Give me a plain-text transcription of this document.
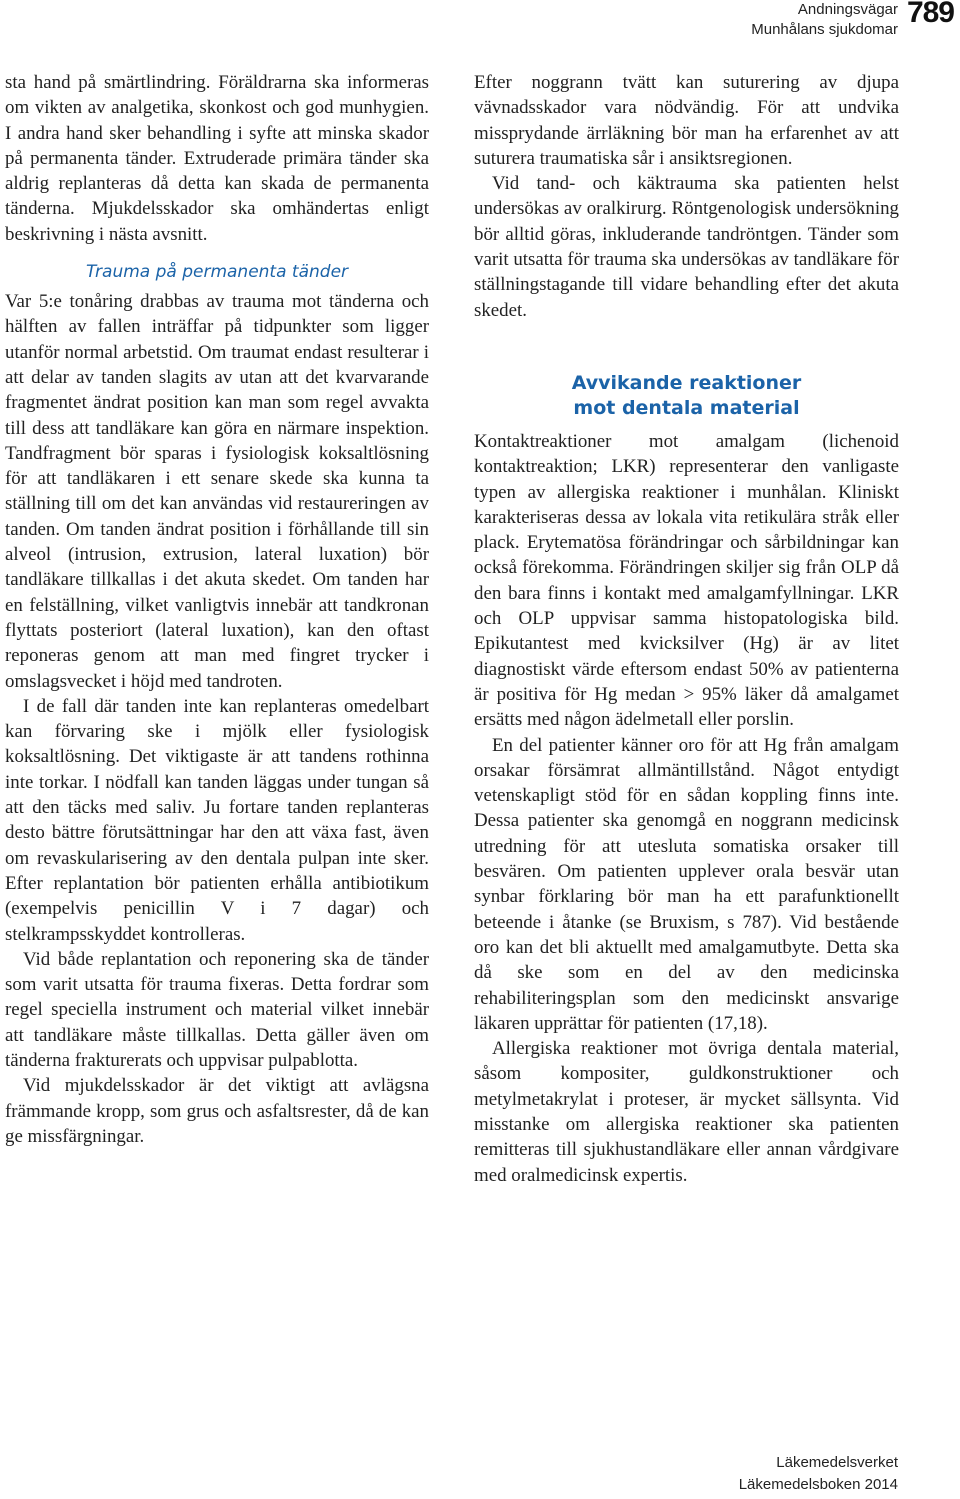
Andningsvägar
Munhålans sjukdomar
789

sta hand på smärtlindring. Föräldrarna ska informeras om vikten av analgetika, skonkost och god munhygien. I andra hand sker behandling i syfte att minska skador på permanenta tänder. Extruderade primära tänder ska aldrig replanteras då detta kan skada de permanenta tänderna. Mjukdelsskador ska omhändertas enligt beskrivning i nästa avsnitt.

Trauma på permanenta tänder

Var 5:e tonåring drabbas av trauma mot tänderna och hälften av fallen inträffar på tidpunkter som ligger utanför normal arbetstid. Om traumat endast resulterar i att delar av tanden slagits av utan att det kvarvarande fragmentet ändrat position kan man som regel avvakta till dess att tandläkare kan göra en närmare inspektion. Tandfragment bör sparas i fysiologisk koksaltlösning för att tandläkaren i ett senare skede ska kunna ta ställning till om det kan användas vid restaureringen av tanden. Om tanden ändrat position i förhållande till sin alveol (intrusion, extrusion, lateral luxation) bör tandläkare tillkallas i det akuta skedet. Om tanden har en felställning, vilket vanligtvis innebär att tandkronan flyttats posteriort (lateral luxation), kan den oftast reponeras genom att man med fingret trycker i omslagsvecket i höjd med tandroten.

I de fall där tanden inte kan replanteras omedelbart kan förvaring ske i mjölk eller fysiologisk koksaltlösning. Det viktigaste är att tandens rothinna inte torkar. I nödfall kan tanden läggas under tungan så att den täcks med saliv. Ju fortare tanden replanteras desto bättre förutsättningar har den att växa fast, även om revaskularisering av den dentala pulpan inte sker. Efter replantation bör patienten erhålla antibiotikum (exempelvis penicillin V i 7 dagar) och stelkrampsskyddet kontrolleras.

Vid både replantation och reponering ska de tänder som varit utsatta för trauma fixeras. Detta fordrar som regel speciella instrument och material vilket innebär att tandläkare måste tillkallas. Detta gäller även om tänderna frakturerats och uppvisar pulpablotta.

Vid mjukdelsskador är det viktigt att avlägsna främmande kropp, som grus och asfaltsrester, då de kan ge missfärgningar.

Efter noggrann tvätt kan suturering av djupa vävnadsskador vara nödvändig. För att undvika missprydande ärrläkning bör man ha erfarenhet av att suturera traumatiska sår i ansiktsregionen.

Vid tand- och käktrauma ska patienten helst undersökas av oralkirurg. Röntgenologisk undersökning bör alltid göras, inkluderande tandröntgen. Tänder som varit utsatta för trauma ska undersökas av tandläkare för ställningstagande till vidare behandling efter det akuta skedet.

Avvikande reaktioner
mot dentala material

Kontaktreaktioner mot amalgam (lichenoid kontaktreaktion; LKR) representerar den vanligaste typen av allergiska reaktioner i munhålan. Kliniskt karakteriseras dessa av lokala vita retikulära stråk eller plack. Erytematösa förändringar och sårbildningar kan också förekomma. Förändringen skiljer sig från OLP då den bara finns i kontakt med amalgamfyllningar. LKR och OLP uppvisar samma histopatologiska bild. Epikutantest med kvicksilver (Hg) är av litet diagnostiskt värde eftersom endast 50% av patienterna är positiva för Hg medan > 95% läker då amalgamet ersätts med någon ädelmetall eller porslin.

En del patienter känner oro för att Hg från amalgam orsakar försämrat allmäntillstånd. Något entydigt vetenskapligt stöd för en sådan koppling finns inte. Dessa patienter ska genomgå en noggrann medicinsk utredning för att utesluta somatiska orsaker till besvären. Om patienten upplever orala besvär utan synbar förklaring bör man ha ett parafunktionellt beteende i åtanke (se Bruxism, s 787). Vid bestående oro kan det bli aktuellt med amalgamutbyte. Detta ska då ske som en del av den medicinska rehabiliteringsplan som den medicinskt ansvarige läkaren upprättar för patienten (17,18).

Allergiska reaktioner mot övriga dentala material, såsom kompositer, guldkonstruktioner och metylmetakrylat i proteser, är mycket sällsynta. Vid misstanke om allergiska reaktioner ska patienten remitteras till sjukhustandläkare eller annan vårdgivare med oralmedicinsk expertis.

Läkemedelsverket
Läkemedelsboken 2014
